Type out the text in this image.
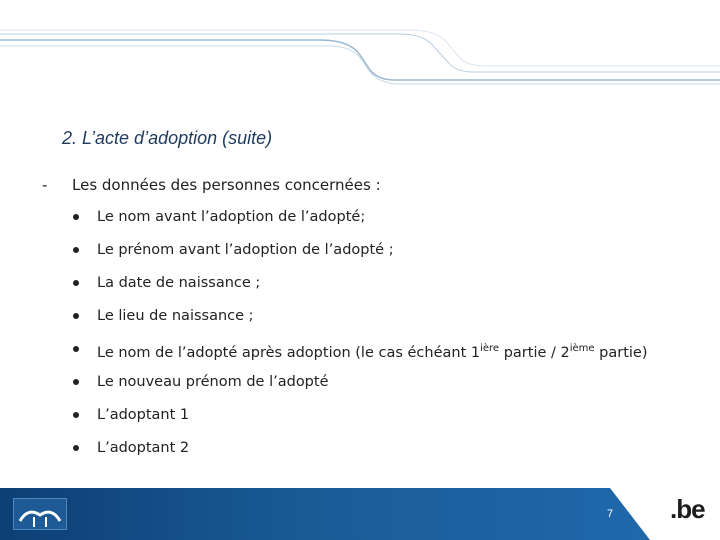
2. L’acte d’adoption (suite)
- Les données des personnes concernées :
Le nom avant l’adoption de l’adopté;
Le prénom avant l’adoption de l’adopté ;
La date de naissance ;
Le lieu de naissance ;
Le nom de l’adopté après adoption (le cas échéant $1^{ière}$ partie / 2ième partie)
Le nouveau prénom de l’adopté
L’adoptant 1
L’adoptant 2
7 .be
